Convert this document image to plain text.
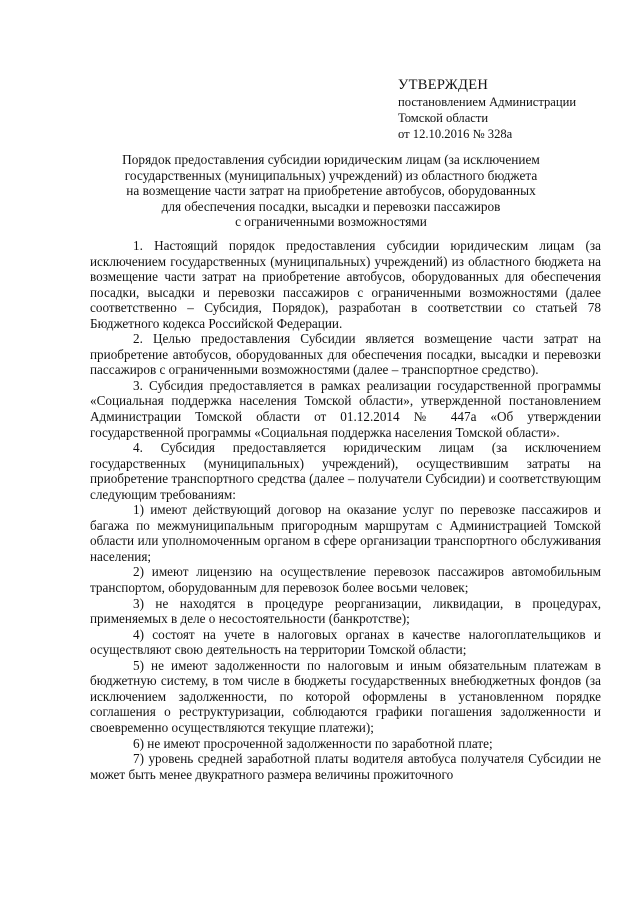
УТВЕРЖДЕН
постановлением Администрации
Томской области
от 12.10.2016 № 328а
Порядок предоставления субсидии юридическим лицам (за исключением
государственных (муниципальных) учреждений) из областного бюджета
на возмещение части затрат на приобретение автобусов, оборудованных
для обеспечения посадки, высадки и перевозки пассажиров
с ограниченными возможностями

1. Настоящий порядок предоставления субсидии юридическим лицам (за исключением государственных (муниципальных) учреждений) из областного бюджета на возмещение части затрат на приобретение автобусов, оборудованных для обеспечения посадки, высадки и перевозки пассажиров с ограниченными возможностями (далее соответственно – Субсидия, Порядок), разработан в соответствии со статьей 78 Бюджетного кодекса Российской Федерации.

2. Целью предоставления Субсидии является возмещение части затрат на приобретение автобусов, оборудованных для обеспечения посадки, высадки и перевозки пассажиров с ограниченными возможностями (далее – транспортное средство).

3. Субсидия предоставляется в рамках реализации государственной программы «Социальная поддержка населения Томской области», утвержденной постановлением Администрации Томской области от 01.12.2014 № 447а «Об утверждении государственной программы «Социальная поддержка населения Томской области».

4. Субсидия предоставляется юридическим лицам (за исключением государственных (муниципальных) учреждений), осуществившим затраты на приобретение транспортного средства (далее – получатели Субсидии) и соответствующим следующим требованиям:

1) имеют действующий договор на оказание услуг по перевозке пассажиров и багажа по межмуниципальным пригородным маршрутам с Администрацией Томской области или уполномоченным органом в сфере организации транспортного обслуживания населения;

2) имеют лицензию на осуществление перевозок пассажиров автомобильным транспортом, оборудованным для перевозок более восьми человек;

3) не находятся в процедуре реорганизации, ликвидации, в процедурах, применяемых в деле о несостоятельности (банкротстве);

4) состоят на учете в налоговых органах в качестве налогоплательщиков и осуществляют свою деятельность на территории Томской области;

5) не имеют задолженности по налоговым и иным обязательным платежам в бюджетную систему, в том числе в бюджеты государственных внебюджетных фондов (за исключением задолженности, по которой оформлены в установленном порядке соглашения о реструктуризации, соблюдаются графики погашения задолженности и своевременно осуществляются текущие платежи);

6) не имеют просроченной задолженности по заработной плате;

7) уровень средней заработной платы водителя автобуса получателя Субсидии не может быть менее двукратного размера величины прожиточного
